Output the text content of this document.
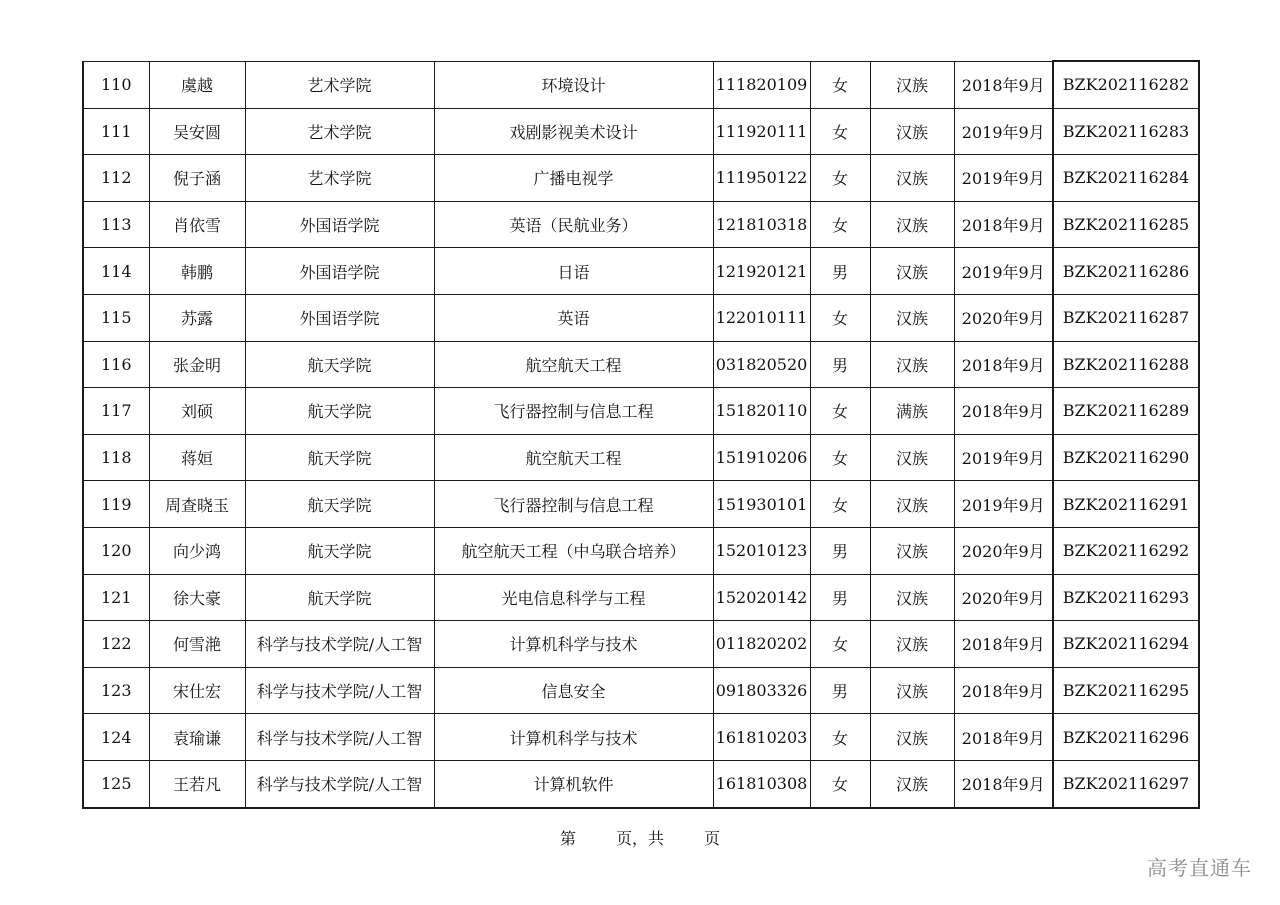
110	虞越	艺术学院	环境设计	111820109	女	汉族	2018年9月	BZK202116282
111	吴安圆	艺术学院	戏剧影视美术设计	111920111	女	汉族	2019年9月	BZK202116283
112	倪子涵	艺术学院	广播电视学	111950122	女	汉族	2019年9月	BZK202116284
113	肖依雪	外国语学院	英语（民航业务）	121810318	女	汉族	2018年9月	BZK202116285
114	韩鹏	外国语学院	日语	121920121	男	汉族	2019年9月	BZK202116286
115	苏露	外国语学院	英语	122010111	女	汉族	2020年9月	BZK202116287
116	张金明	航天学院	航空航天工程	031820520	男	汉族	2018年9月	BZK202116288
117	刘硕	航天学院	飞行器控制与信息工程	151820110	女	满族	2018年9月	BZK202116289
118	蒋姮	航天学院	航空航天工程	151910206	女	汉族	2019年9月	BZK202116290
119	周查晓玉	航天学院	飞行器控制与信息工程	151930101	女	汉族	2019年9月	BZK202116291
120	向少鸿	航天学院	航空航天工程（中乌联合培养）	152010123	男	汉族	2020年9月	BZK202116292
121	徐大豪	航天学院	光电信息科学与工程	152020142	男	汉族	2020年9月	BZK202116293
122	何雪滟	科学与技术学院/人工智	计算机科学与技术	011820202	女	汉族	2018年9月	BZK202116294
123	宋仕宏	科学与技术学院/人工智	信息安全	091803326	男	汉族	2018年9月	BZK202116295
124	袁瑜谦	科学与技术学院/人工智	计算机科学与技术	161810203	女	汉族	2018年9月	BZK202116296
125	王若凡	科学与技术学院/人工智	计算机软件	161810308	女	汉族	2018年9月	BZK202116297
第	页，共	页
高考直通车
